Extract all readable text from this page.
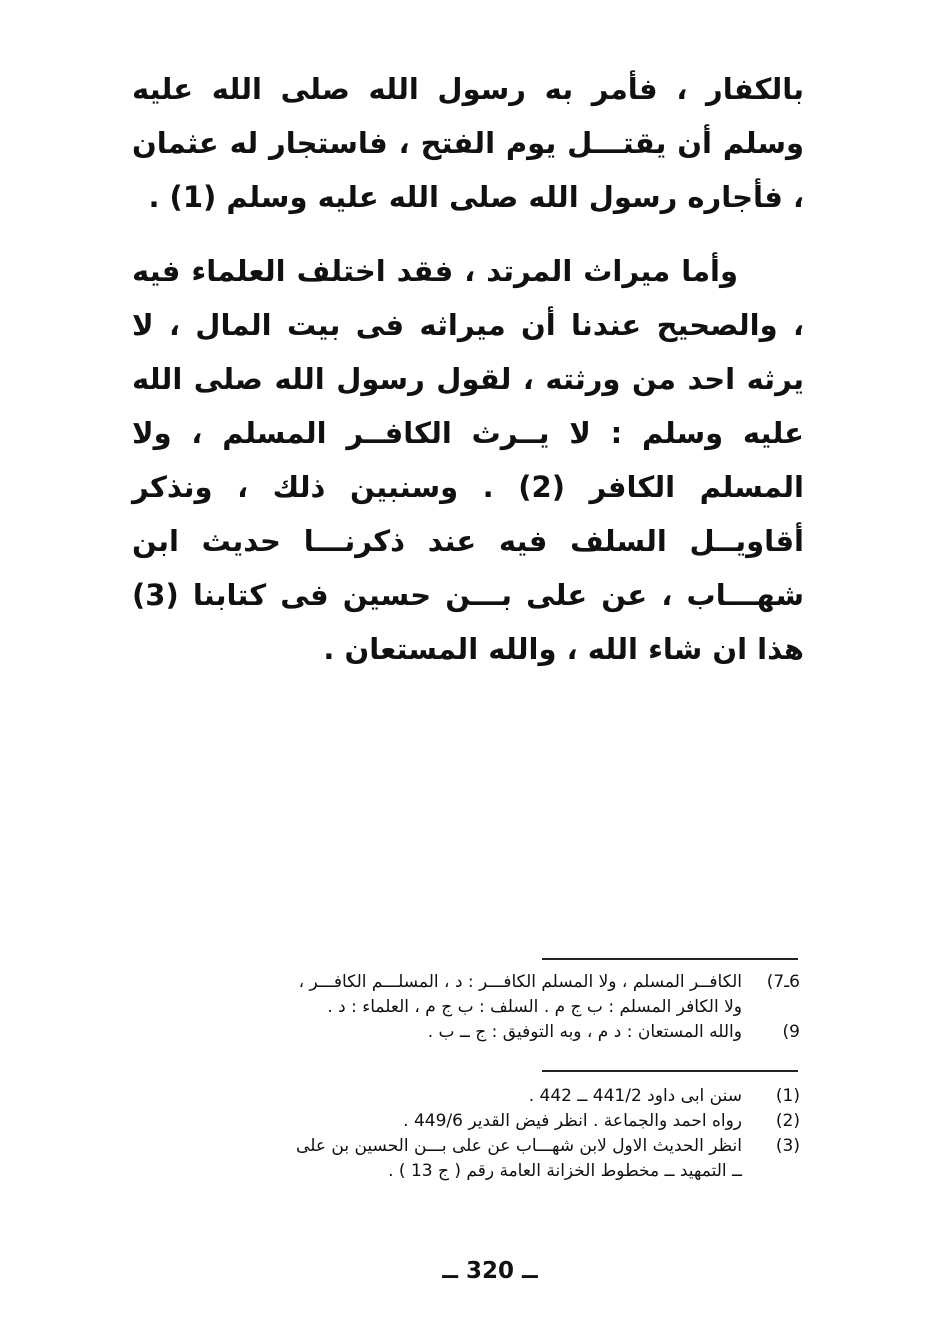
بالكفار ، فأمر به رسول الله صلى الله عليه وسلم أن يقتـــل يوم الفتح ، فاستجار له عثمان ، فأجاره رسول الله صلى الله عليه وسلم (1) .

وأما ميراث المرتد ، فقد اختلف العلماء فيه ، والصحيح عندنا أن ميراثه فى بيت المال ، لا يرثه احد من ورثته ، لقول رسول الله صلى الله عليه وسلم : لا يــرث الكافــر المسلم ، ولا المسلم الكافر (2) . وسنبين ذلك ، ونذكر أقاويــل السلف فيه عند ذكرنـــا حديث ابن شهـــاب ، عن على بـــن حسين فى كتابنا (3) هذا ان شاء الله ، والله المستعان .

6ـ7)
الكافــر المسلم ، ولا المسلم الكافـــر : د ، المسلـــم الكافـــر ،
ولا الكافر المسلم : ب ج م . السلف : ب ج م ، العلماء : د .
9)
والله المستعان : د م ، وبه التوفيق : ج ــ ب .
(1)
سنن ابى داود 441/2 ــ 442 .
(2)
رواه احمد والجماعة . انظر فيض القدير 449/6 .
(3)
انظر الحديث الاول لابن شهـــاب عن على بـــن الحسين بن على
ــ التمهيد ــ مخطوط الخزانة العامة رقم ( ج 13 ) .
ــ 320 ــ
